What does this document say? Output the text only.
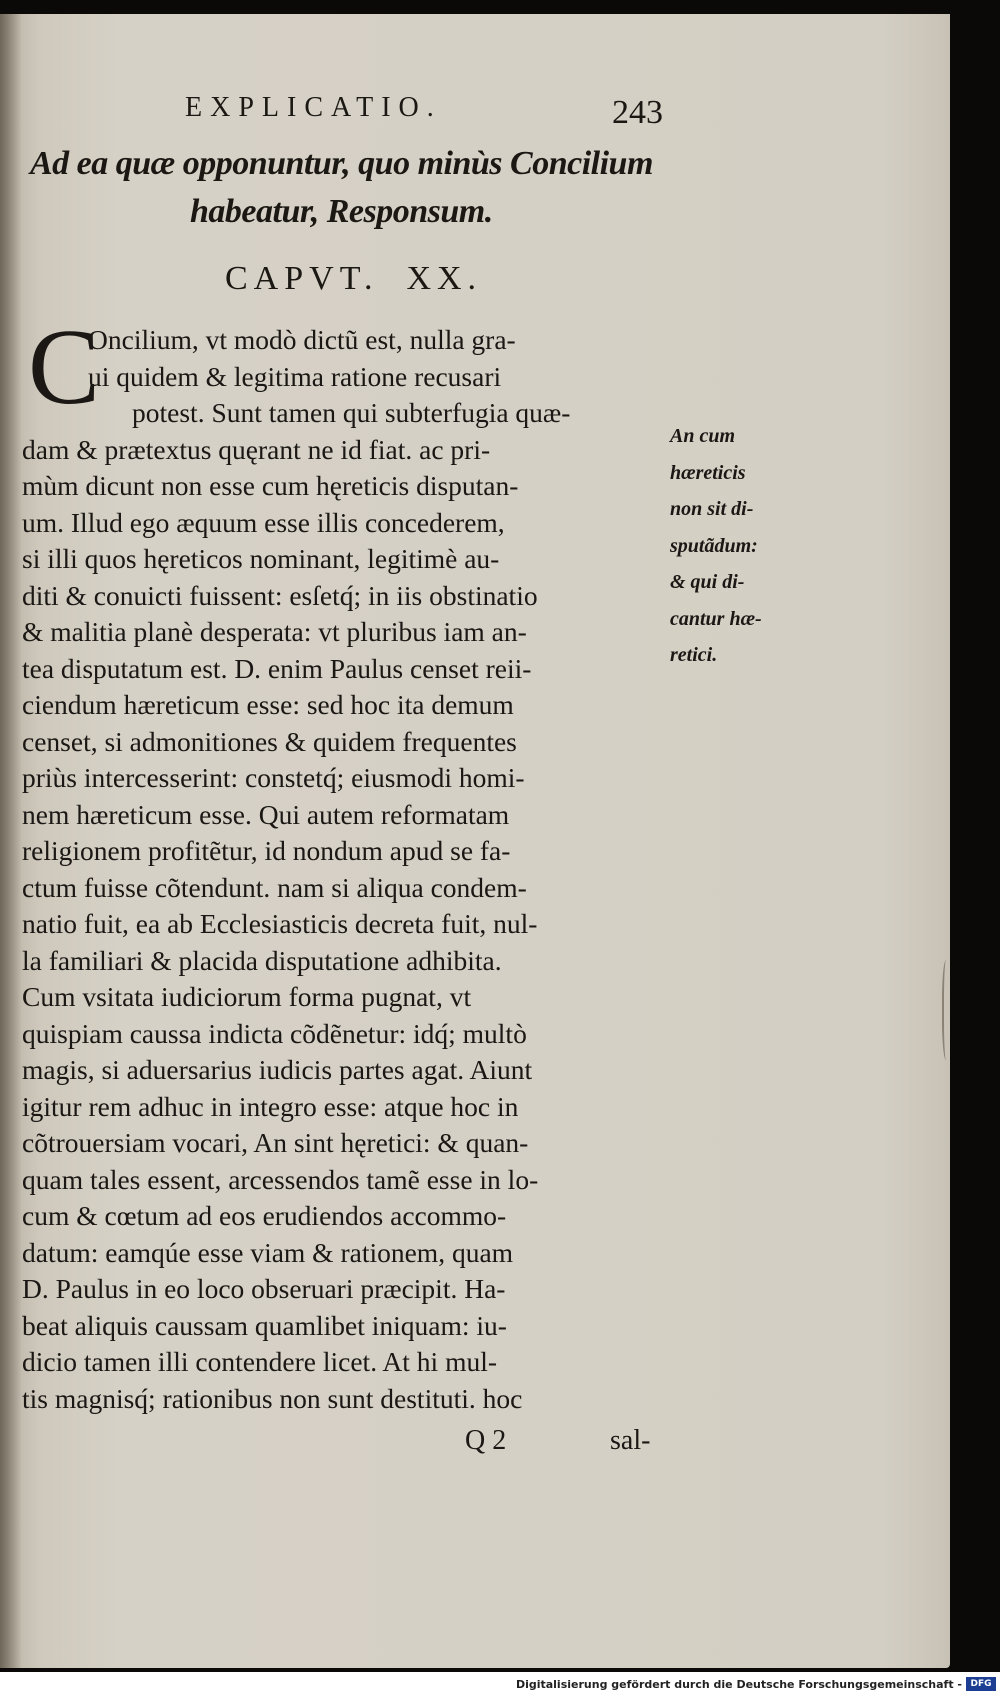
EXPLICATIO.	243
Ad ea quæ opponuntur, quo minùs Concilium
habeatur, Responsum.
CAPVT. XX.
C
Oncilium, vt modò dictũ est, nulla gra-
ui quidem & legitima ratione recusari
potest. Sunt tamen qui subterfugia quæ-
dam & prætextus quęrant ne id fiat. ac pri-
mùm dicunt non esse cum hęreticis disputan-
um. Illud ego æquum esse illis concederem,
si illi quos hęreticos nominant, legitimè au-
diti & conuicti fuissent: esſetq́; in iis obstinatio
& malitia planè desperata: vt pluribus iam an-
tea disputatum est. D. enim Paulus censet reii-
ciendum hæreticum esse: sed hoc ita demum
censet, si admonitiones & quidem frequentes
priùs intercesserint: constetq́; eiusmodi homi-
nem hæreticum esse. Qui autem reformatam
religionem profitẽtur, id nondum apud se fa-
ctum fuisse cõtendunt. nam si aliqua condem-
natio fuit, ea ab Ecclesiasticis decreta fuit, nul-
la familiari & placida disputatione adhibita.
Cum vsitata iudiciorum forma pugnat, vt
quispiam caussa indicta cõdẽnetur: idq́; multò
magis, si aduersarius iudicis partes agat. Aiunt
igitur rem adhuc in integro esse: atque hoc in
cõtrouersiam vocari, An sint hęretici: & quan-
quam tales essent, arcessendos tamẽ esse in lo-
cum & cœtum ad eos erudiendos accommo-
datum: eamqúe esse viam & rationem, quam
D. Paulus in eo loco obseruari præcipit. Ha-
beat aliquis caussam quamlibet iniquam: iu-
dicio tamen illi contendere licet. At hi mul-
tis magnisq́; rationibus non sunt destituti. hoc
An cum
hæreticis
non sit di-
sputãdum:
& qui di-
cantur hæ-
retici.
Q 2	sal-
Digitalisierung gefördert durch die Deutsche Forschungsgemeinschaft - DFG
